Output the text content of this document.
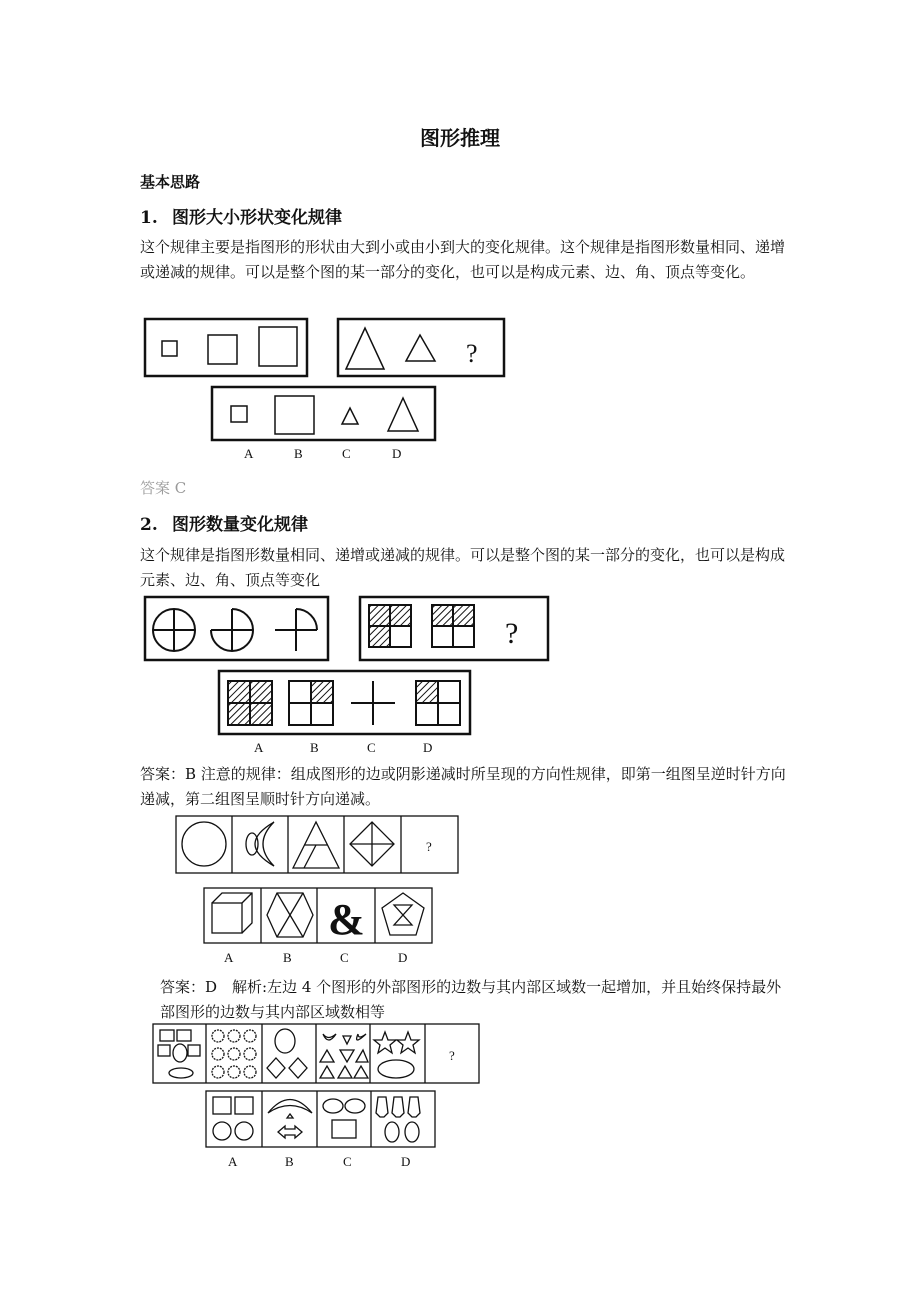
图形推理
基本思路
1. 图形大小形状变化规律
这个规律主要是指图形的形状由大到小或由小到大的变化规律。这个规律是指图形数量相同、递增或递减的规律。可以是整个图的某一部分的变化，也可以是构成元素、边、角、顶点等变化。
答案 C
2. 图形数量变化规律
这个规律是指图形数量相同、递增或递减的规律。可以是整个图的某一部分的变化，也可以是构成元素、边、角、顶点等变化
答案：B 注意的规律：组成图形的边或阴影递减时所呈现的方向性规律，即第一组图呈逆时针方向递减，第二组图呈顺时针方向递减。
答案：D　解析:左边 4 个图形的外部图形的边数与其内部区域数一起增加，并且始终保持最外部图形的边数与其内部区域数相等
?
A	B	C	D
?
A	B	C	D
?
&
A	B	C	D
?
A	B	C	D
